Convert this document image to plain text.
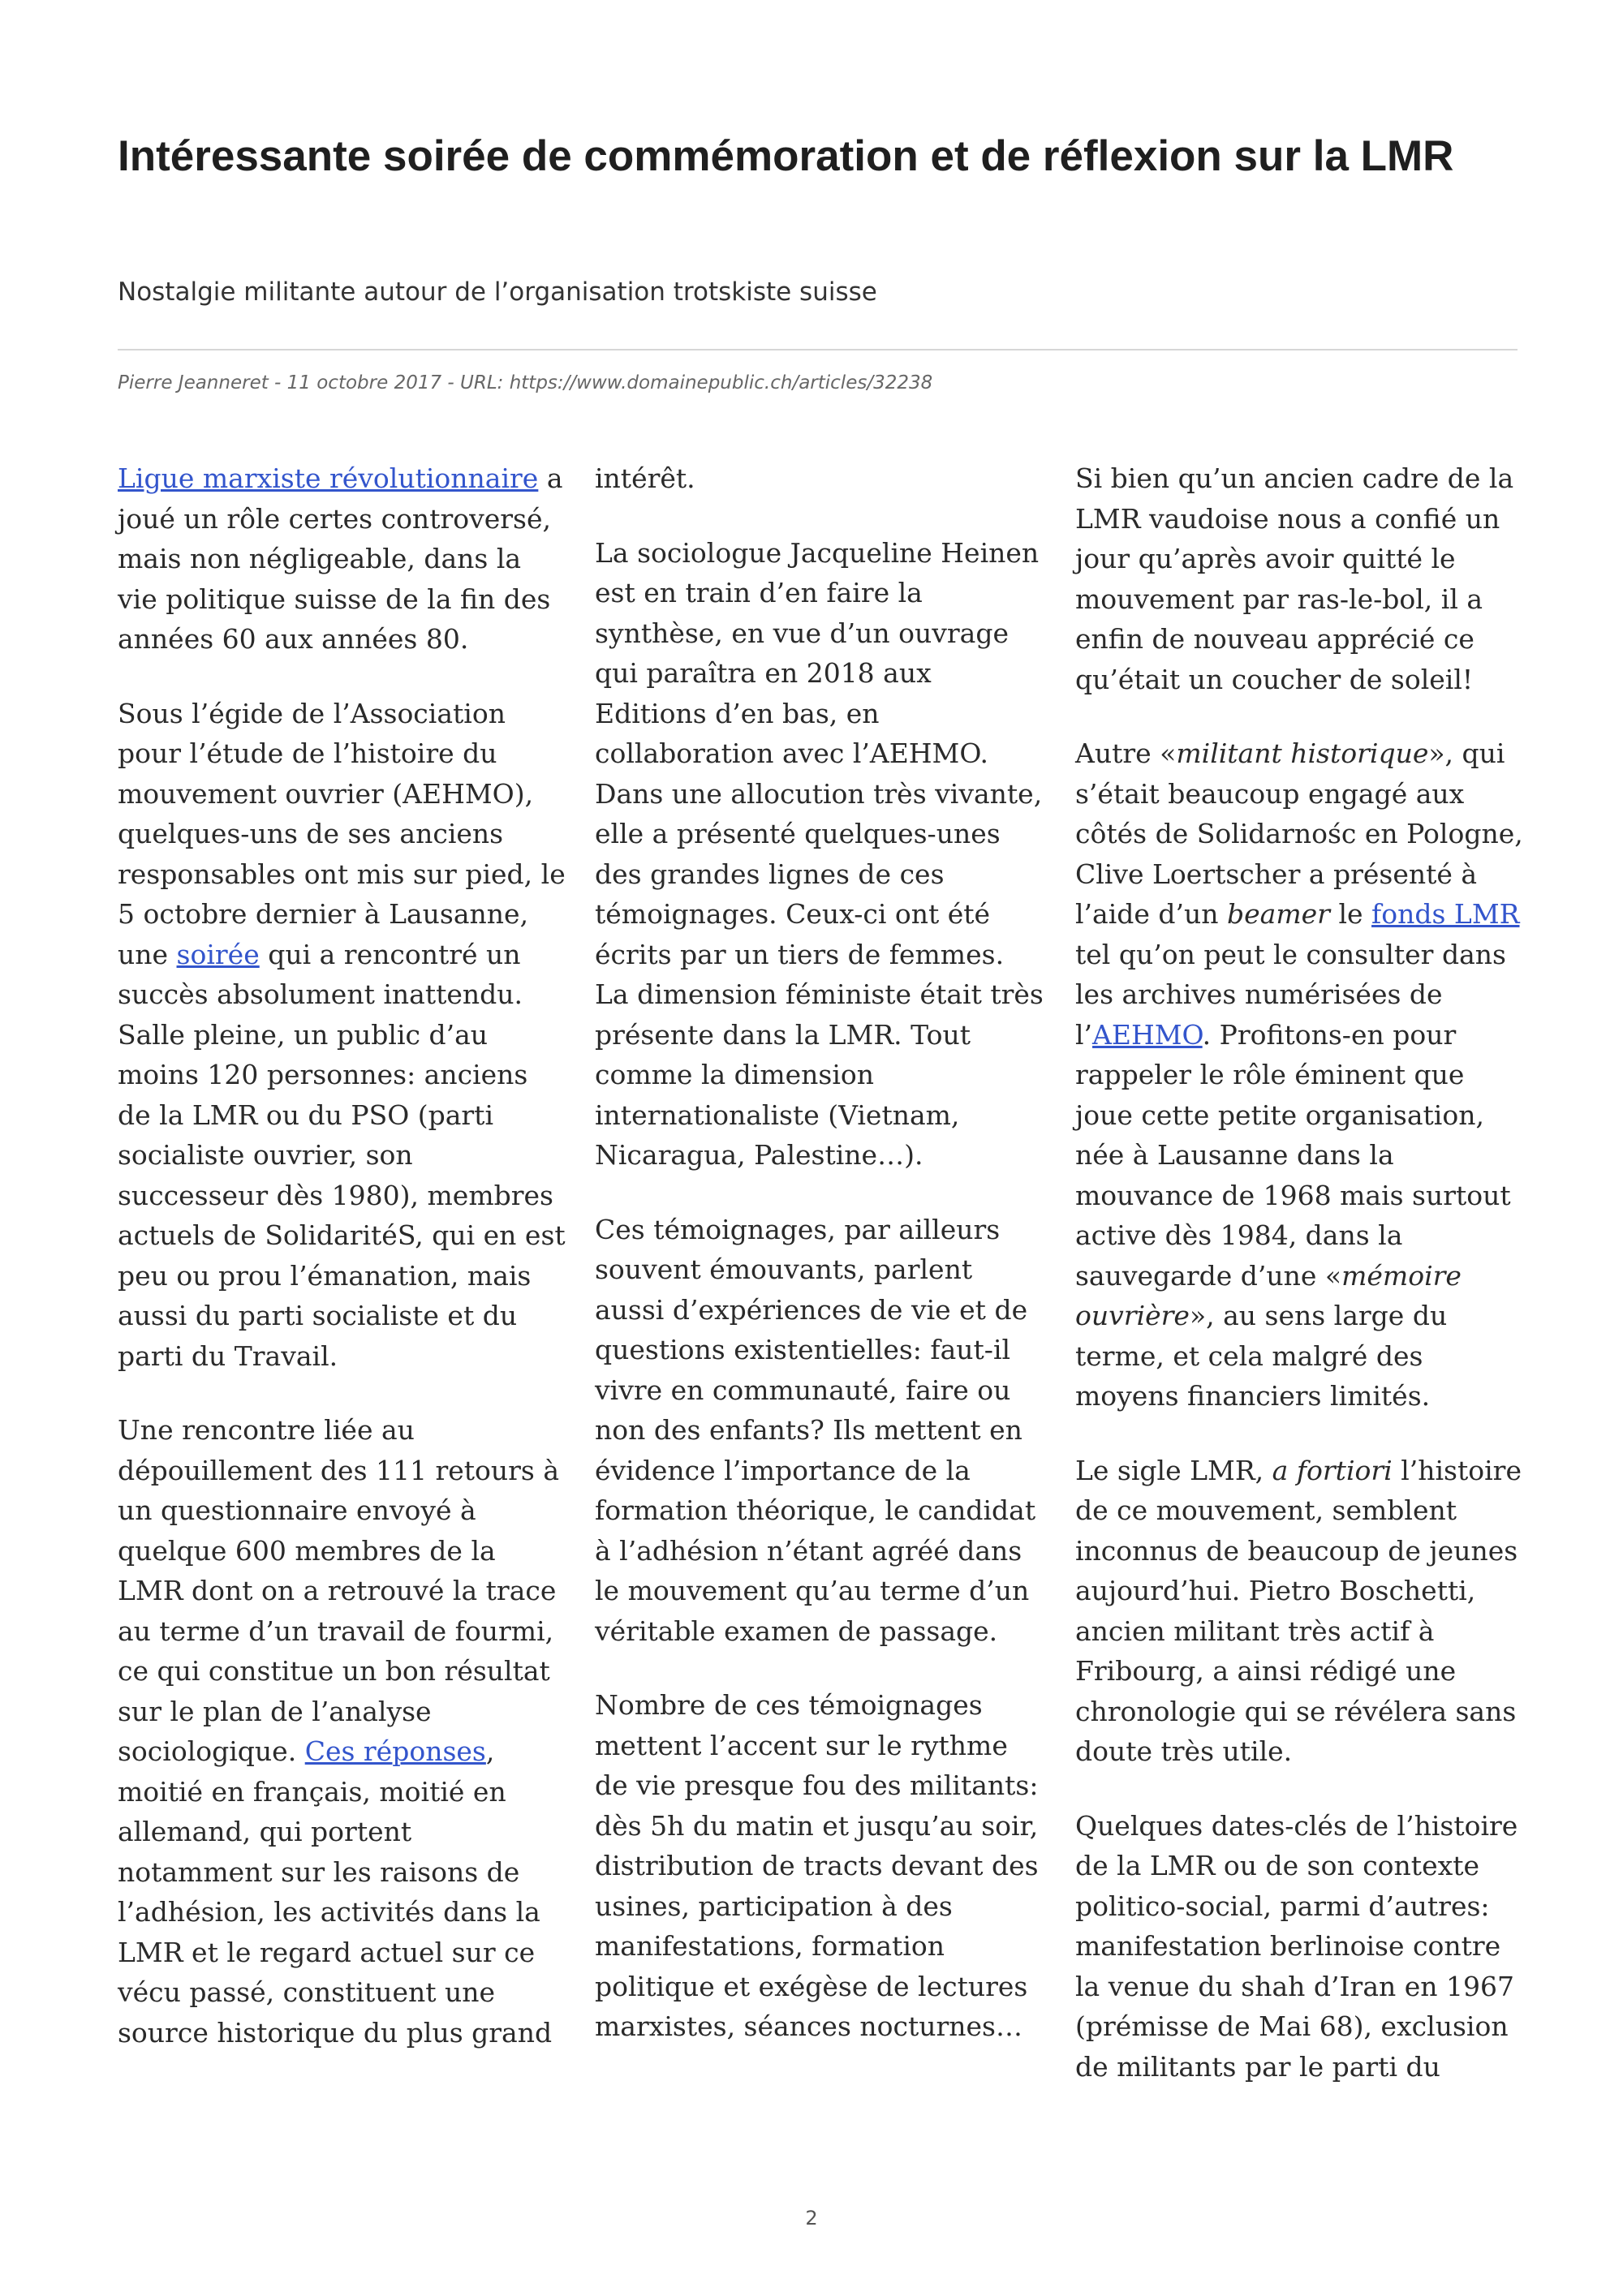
Intéressante soirée de commémoration et de réflexion sur la LMR

Nostalgie militante autour de l’organisation trotskiste suisse

Pierre Jeanneret - 11 octobre 2017 - URL: https://www.domainepublic.ch/articles/32238

Ligue marxiste révolutionnaire a joué un rôle certes controversé, mais non négligeable, dans la vie politique suisse de la fin des années 60 aux années 80.

Sous l’égide de l’Association pour l’étude de l’histoire du mouvement ouvrier (AEHMO), quelques-uns de ses anciens responsables ont mis sur pied, le 5 octobre dernier à Lausanne, une soirée qui a rencontré un succès absolument inattendu. Salle pleine, un public d’au moins 120 personnes: anciens de la LMR ou du PSO (parti socialiste ouvrier, son successeur dès 1980), membres actuels de SolidaritéS, qui en est peu ou prou l’émanation, mais aussi du parti socialiste et du parti du Travail.

Une rencontre liée au dépouillement des 111 retours à un questionnaire envoyé à quelque 600 membres de la LMR dont on a retrouvé la trace au terme d’un travail de fourmi, ce qui constitue un bon résultat sur le plan de l’analyse sociologique. Ces réponses, moitié en français, moitié en allemand, qui portent notamment sur les raisons de l’adhésion, les activités dans la LMR et le regard actuel sur ce vécu passé, constituent une source historique du plus grand

intérêt.

La sociologue Jacqueline Heinen est en train d’en faire la synthèse, en vue d’un ouvrage qui paraîtra en 2018 aux Editions d’en bas, en collaboration avec l’AEHMO. Dans une allocution très vivante, elle a présenté quelques-unes des grandes lignes de ces témoignages. Ceux-ci ont été écrits par un tiers de femmes. La dimension féministe était très présente dans la LMR. Tout comme la dimension internationaliste (Vietnam, Nicaragua, Palestine…).

Ces témoignages, par ailleurs souvent émouvants, parlent aussi d’expériences de vie et de questions existentielles: faut-il vivre en communauté, faire ou non des enfants? Ils mettent en évidence l’importance de la formation théorique, le candidat à l’adhésion n’étant agréé dans le mouvement qu’au terme d’un véritable examen de passage.

Nombre de ces témoignages mettent l’accent sur le rythme de vie presque fou des militants: dès 5h du matin et jusqu’au soir, distribution de tracts devant des usines, participation à des manifestations, formation politique et exégèse de lectures marxistes, séances nocturnes…

Si bien qu’un ancien cadre de la LMR vaudoise nous a confié un jour qu’après avoir quitté le mouvement par ras-le-bol, il a enfin de nouveau apprécié ce qu’était un coucher de soleil!

Autre «militant historique», qui s’était beaucoup engagé aux côtés de Solidarnośc en Pologne, Clive Loertscher a présenté à l’aide d’un beamer le fonds LMR tel qu’on peut le consulter dans les archives numérisées de l’AEHMO. Profitons-en pour rappeler le rôle éminent que joue cette petite organisation, née à Lausanne dans la mouvance de 1968 mais surtout active dès 1984, dans la sauvegarde d’une «mémoire ouvrière», au sens large du terme, et cela malgré des moyens financiers limités.

Le sigle LMR, a fortiori l’histoire de ce mouvement, semblent inconnus de beaucoup de jeunes aujourd’hui. Pietro Boschetti, ancien militant très actif à Fribourg, a ainsi rédigé une chronologie qui se révélera sans doute très utile.

Quelques dates-clés de l’histoire de la LMR ou de son contexte politico-social, parmi d’autres: manifestation berlinoise contre la venue du shah d’Iran en 1967 (prémisse de Mai 68), exclusion de militants par le parti du

2
